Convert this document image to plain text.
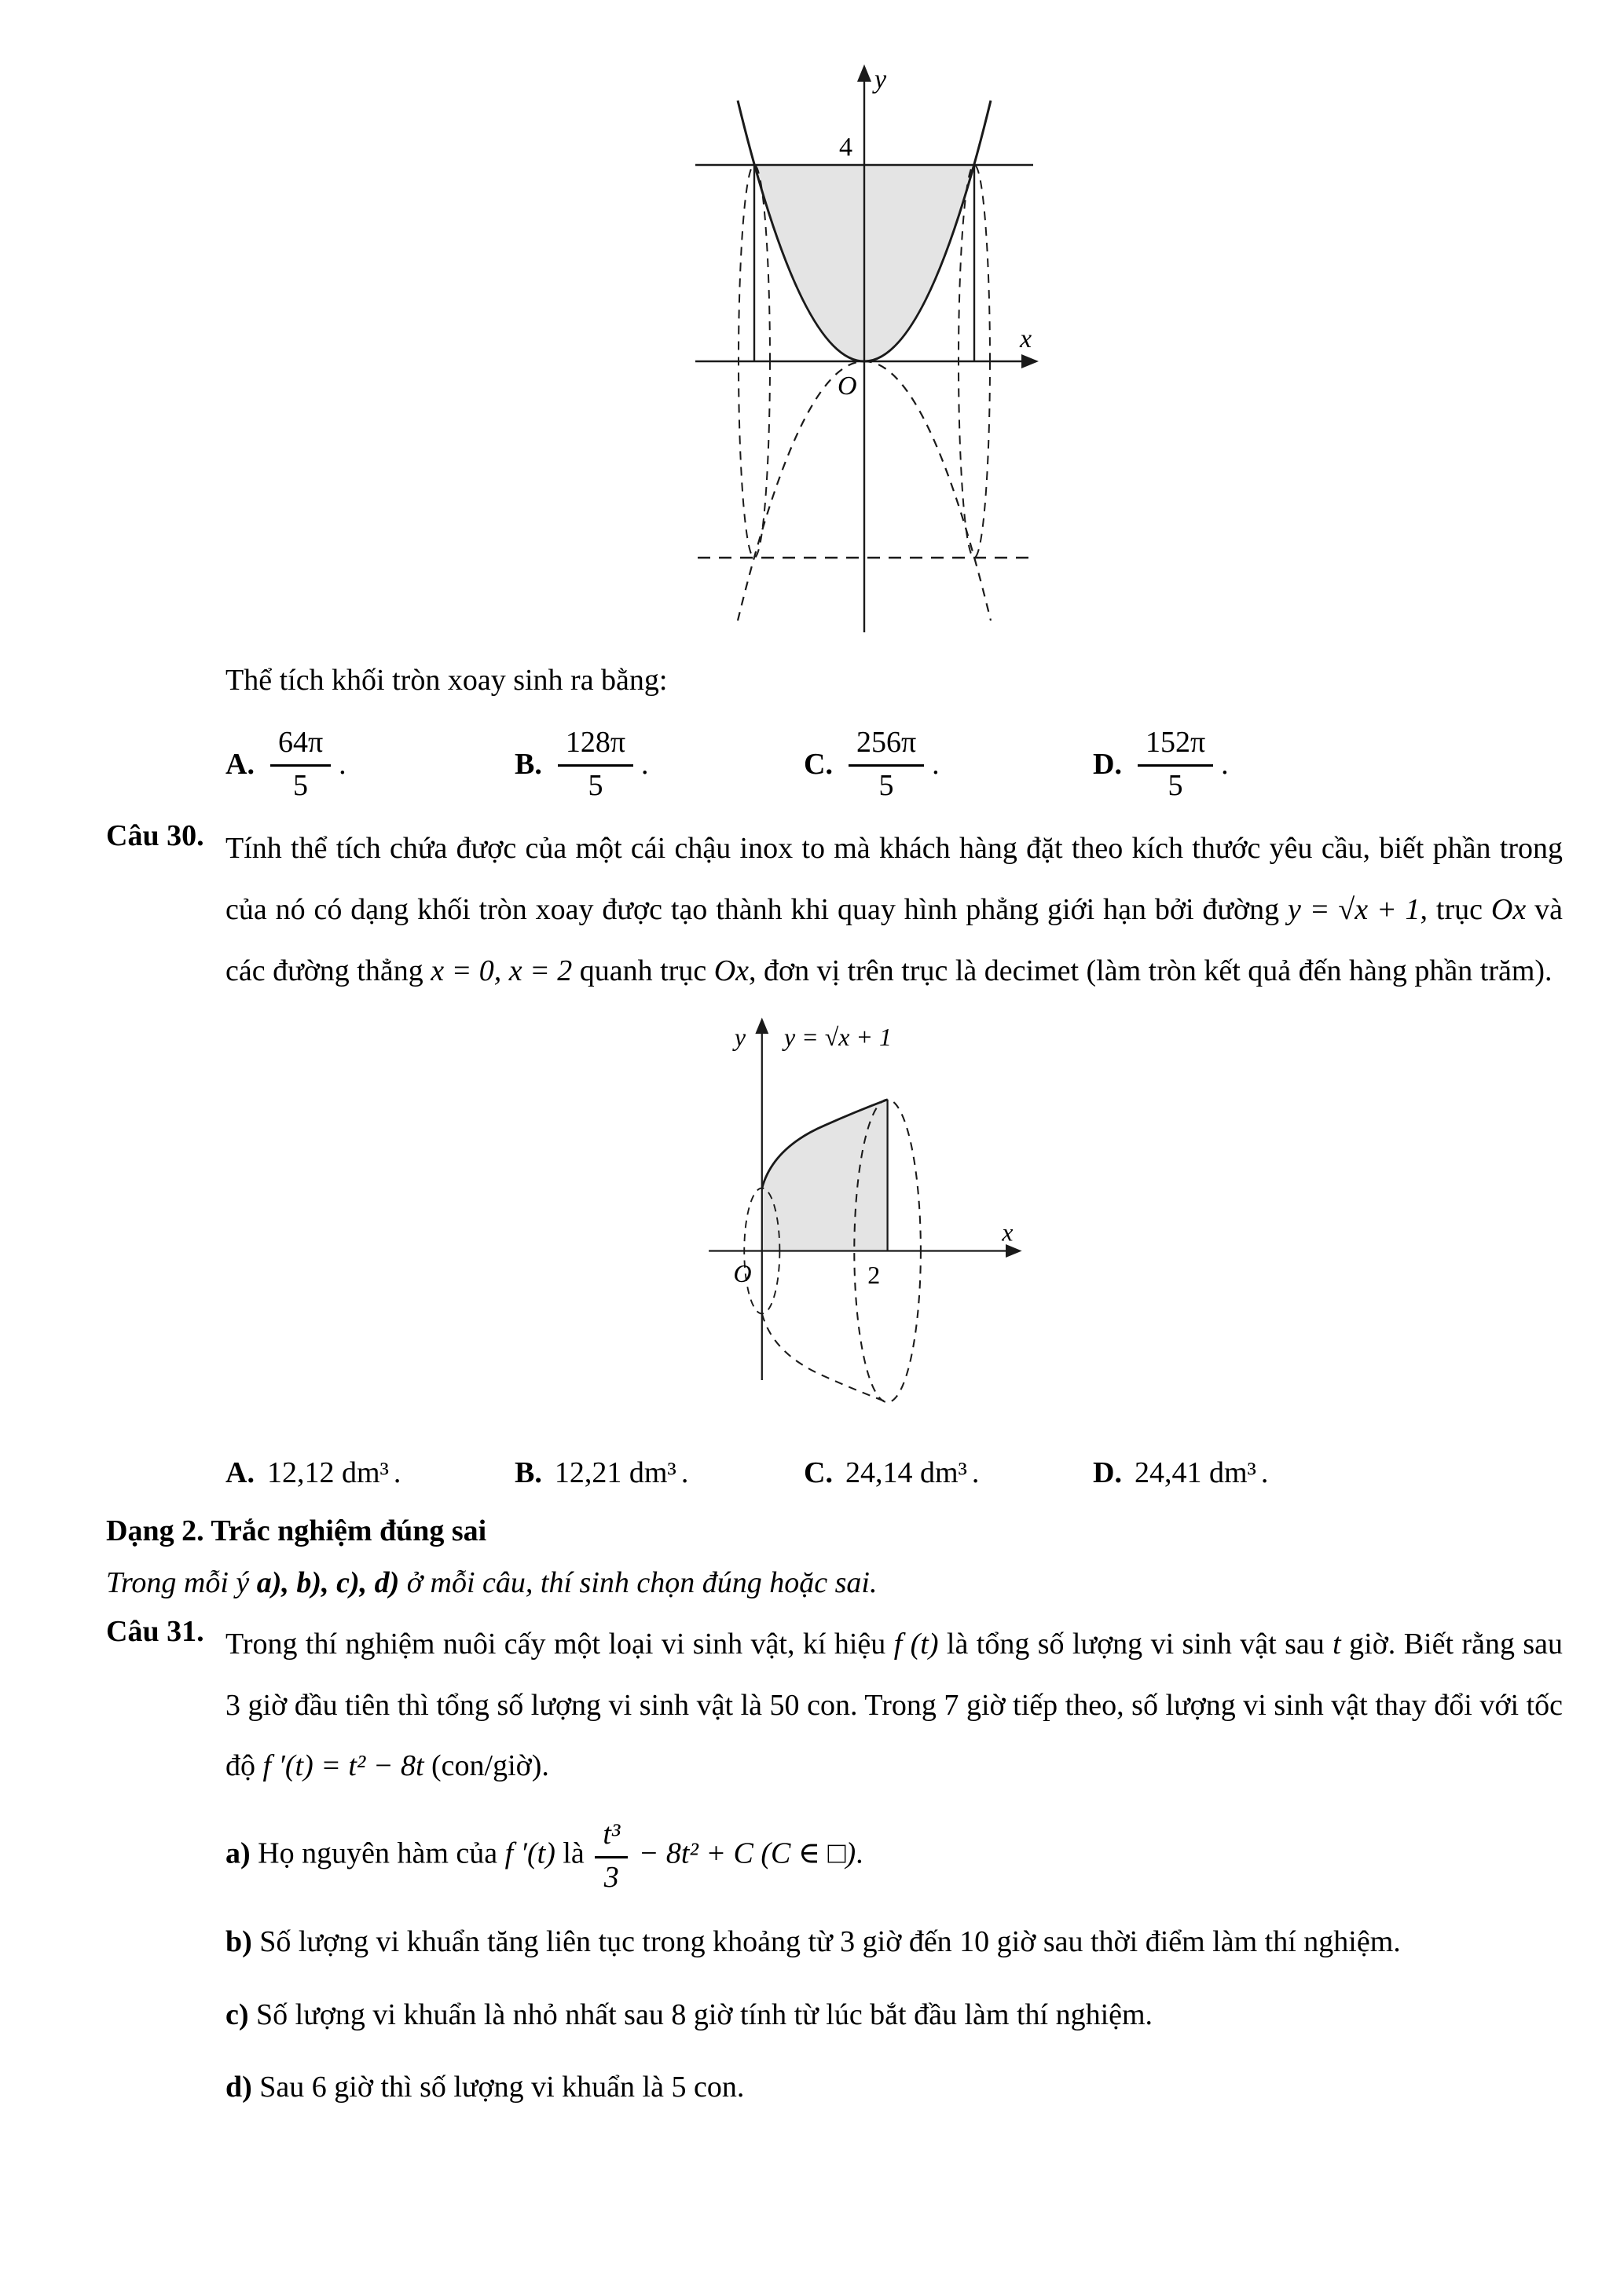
y
4
O
x
Thể tích khối tròn xoay sinh ra bằng:
A. $\frac{64\pi}{5}$ .	B. $\frac{128\pi}{5}$ .	C. $\frac{256\pi}{5}$ .	D. $\frac{152\pi}{5}$ .
Câu 30. Tính thể tích chứa được của một cái chậu inox to mà khách hàng đặt theo kích thước yêu cầu, biết phần trong của nó có dạng khối tròn xoay được tạo thành khi quay hình phẳng giới hạn bởi đường y = √x + 1, trục Ox và các đường thẳng x = 0, x = 2 quanh trục Ox, đơn vị trên trục là decimet (làm tròn kết quả đến hàng phần trăm).
y y = √x + 1
O	2
x
A. 12,12 dm³ .	B. 12,21 dm³ .	C. 24,14 dm³ .	D. 24,41 dm³ .
Dạng 2. Trắc nghiệm đúng sai
Trong mỗi ý a), b), c), d) ở mỗi câu, thí sinh chọn đúng hoặc sai.
Câu 31. Trong thí nghiệm nuôi cấy một loại vi sinh vật, kí hiệu f (t) là tổng số lượng vi sinh vật sau t giờ. Biết rằng sau 3 giờ đầu tiên thì tổng số lượng vi sinh vật là 50 con. Trong 7 giờ tiếp theo, số lượng vi sinh vật thay đổi với tốc độ f ′(t) = t² − 8t (con/giờ).
a) Họ nguyên hàm của f ′(t) là $\frac{\text{t³}}{3} - 8t^2 + C$ (C ∈ □).
b) Số lượng vi khuẩn tăng liên tục trong khoảng từ 3 giờ đến 10 giờ sau thời điểm làm thí nghiệm.
c) Số lượng vi khuẩn là nhỏ nhất sau 8 giờ tính từ lúc bắt đầu làm thí nghiệm.
d) Sau 6 giờ thì số lượng vi khuẩn là 5 con.
